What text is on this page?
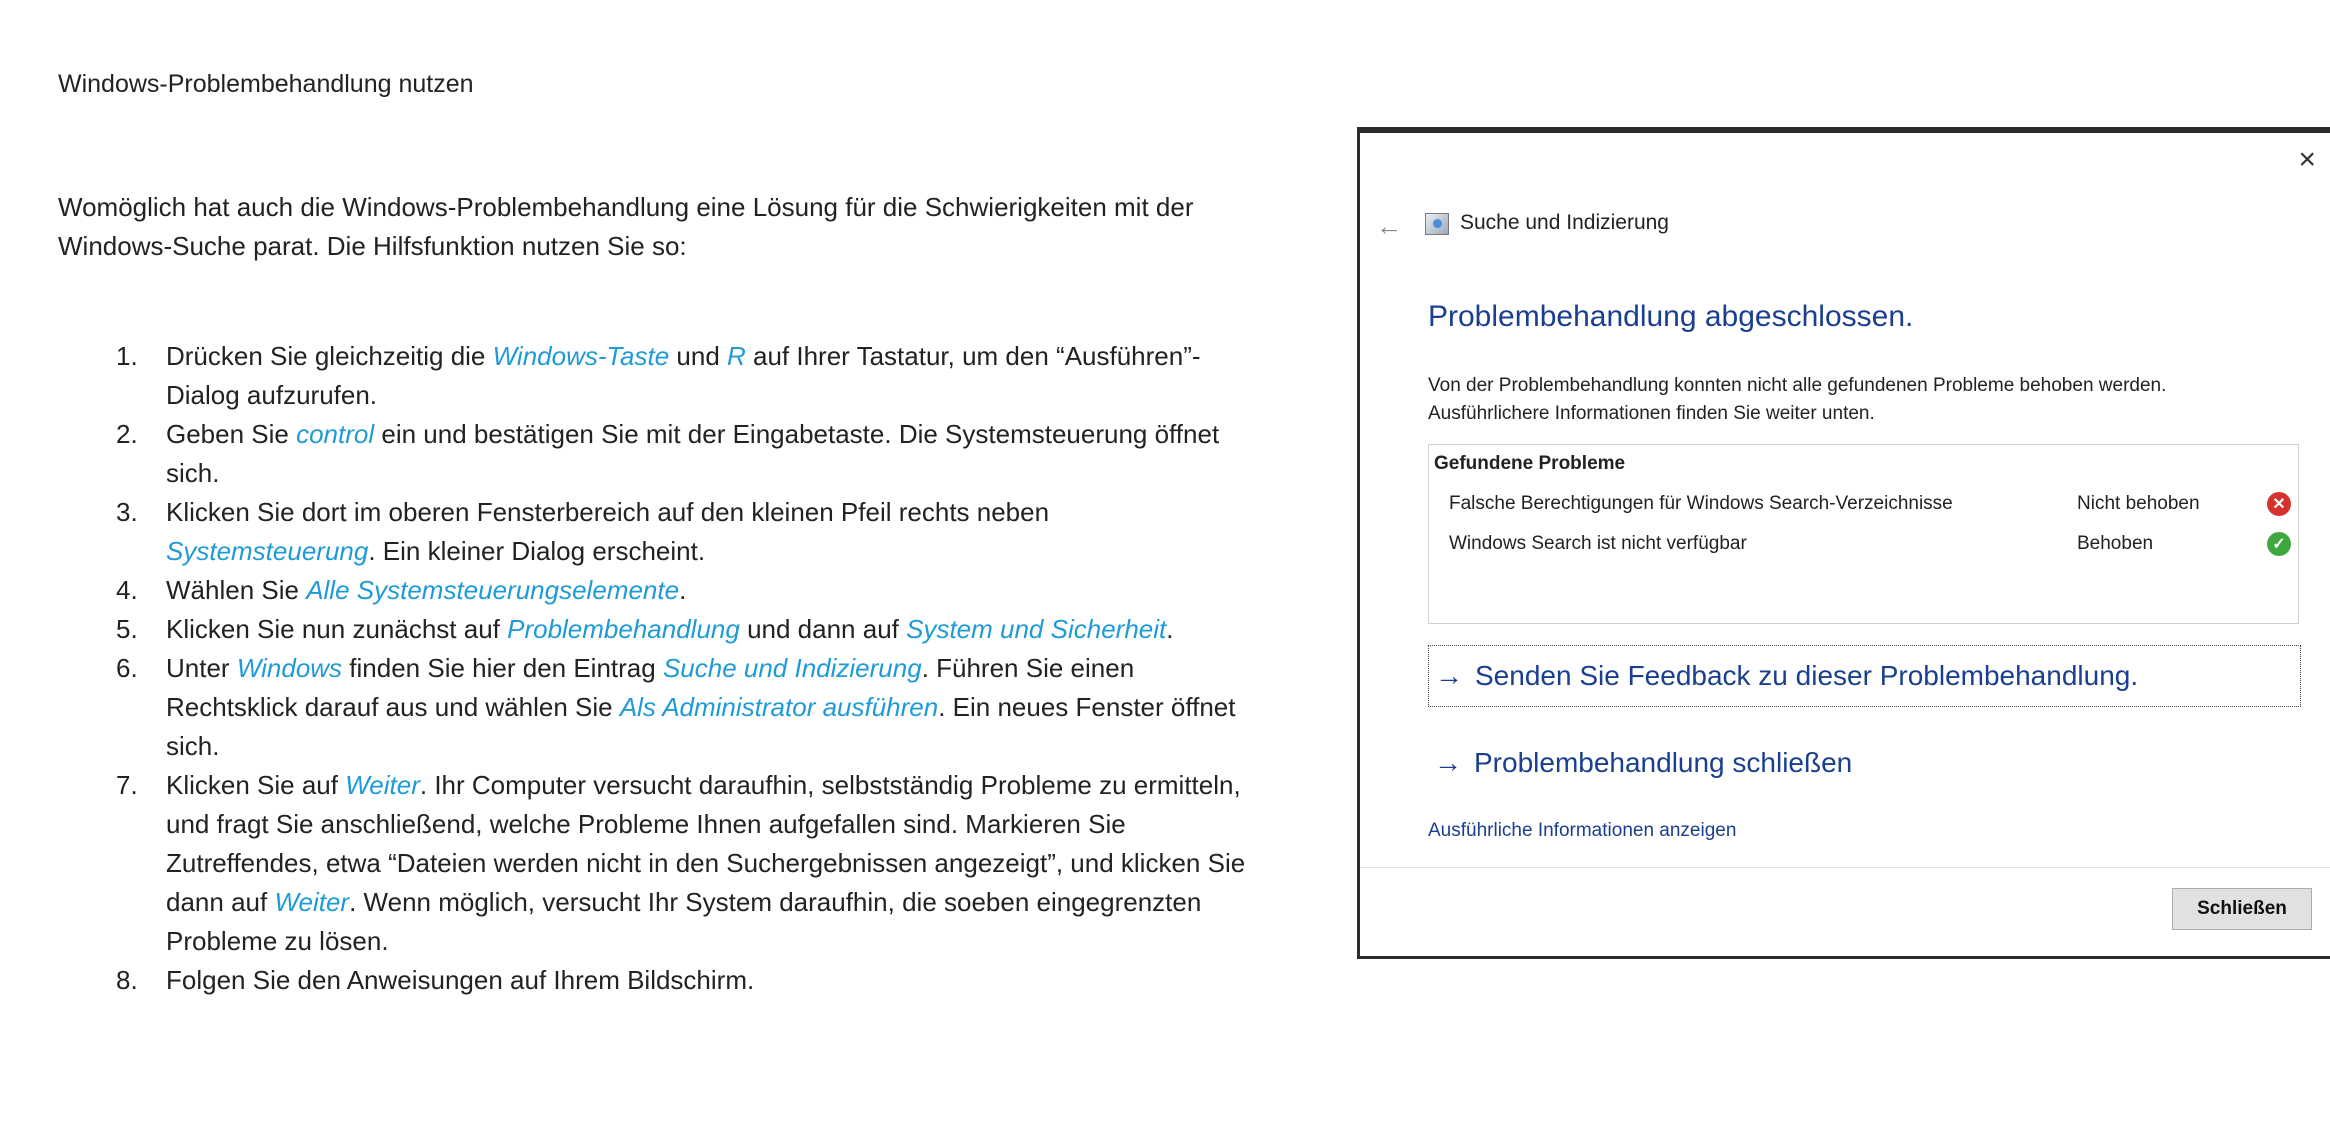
Windows-Problembehandlung nutzen
Womöglich hat auch die Windows-Problembehandlung eine Lösung für die Schwierigkeiten mit der Windows-Suche parat. Die Hilfsfunktion nutzen Sie so:
Drücken Sie gleichzeitig die Windows-Taste und R auf Ihrer Tastatur, um den “Ausführen”-Dialog aufzurufen.
Geben Sie control ein und bestätigen Sie mit der Eingabetaste. Die Systemsteuerung öffnet sich.
Klicken Sie dort im oberen Fensterbereich auf den kleinen Pfeil rechts neben Systemsteuerung. Ein kleiner Dialog erscheint.
Wählen Sie Alle Systemsteuerungselemente.
Klicken Sie nun zunächst auf Problembehandlung und dann auf System und Sicherheit.
Unter Windows finden Sie hier den Eintrag Suche und Indizierung. Führen Sie einen Rechtsklick darauf aus und wählen Sie Als Administrator ausführen. Ein neues Fenster öffnet sich.
Klicken Sie auf Weiter. Ihr Computer versucht daraufhin, selbstständig Probleme zu ermitteln, und fragt Sie anschließend, welche Probleme Ihnen aufgefallen sind. Markieren Sie Zutreffendes, etwa “Dateien werden nicht in den Suchergebnissen angezeigt”, und klicken Sie dann auf Weiter. Wenn möglich, versucht Ihr System daraufhin, die soeben eingegrenzten Probleme zu lösen.
Folgen Sie den Anweisungen auf Ihrem Bildschirm.
×
←	Suche und Indizierung
Problembehandlung abgeschlossen.
Von der Problembehandlung konnten nicht alle gefundenen Probleme behoben werden.
Ausführlichere Informationen finden Sie weiter unten.
Gefundene Probleme
Falsche Berechtigungen für Windows Search-Verzeichnisse	Nicht behoben	✕
Windows Search ist nicht verfügbar	Behoben	✓
→ Senden Sie Feedback zu dieser Problembehandlung.
→ Problembehandlung schließen
Ausführliche Informationen anzeigen
Schließen
